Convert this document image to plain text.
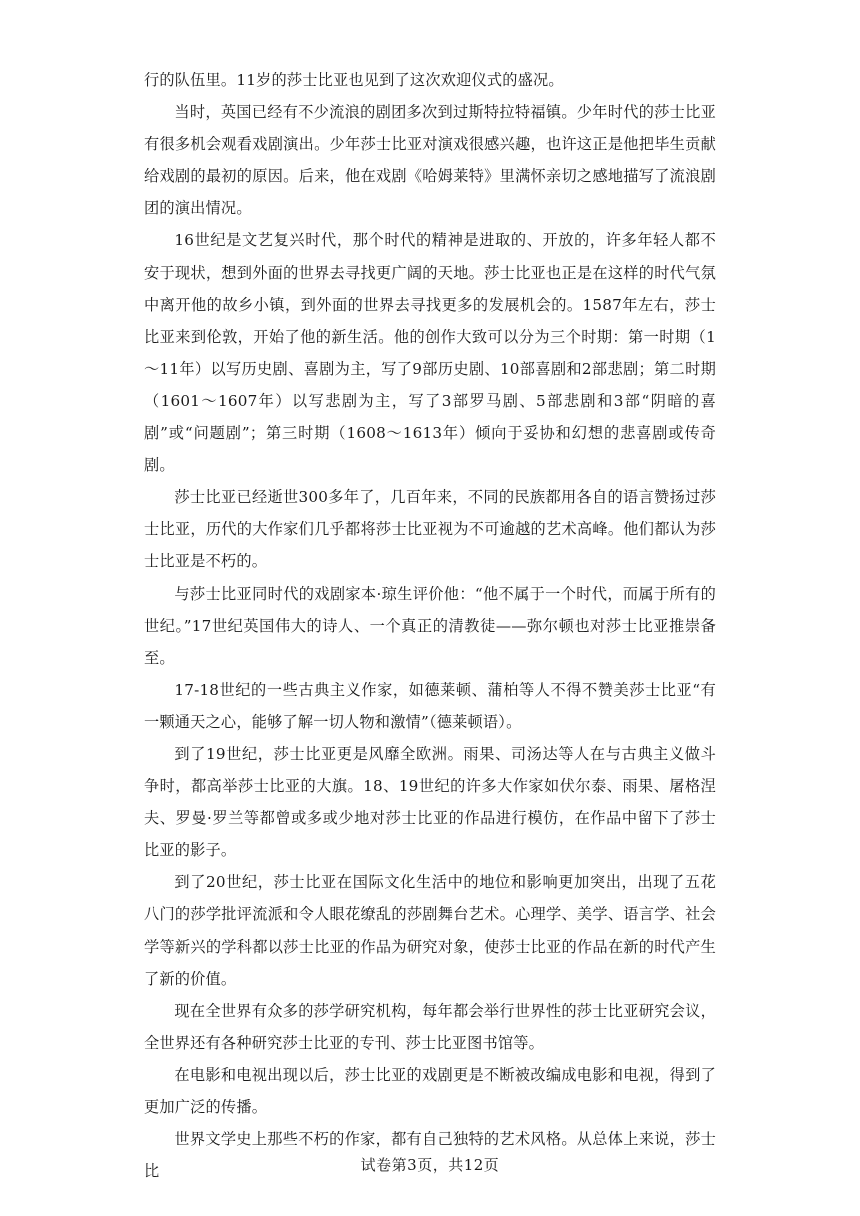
行的队伍里。11岁的莎士比亚也见到了这次欢迎仪式的盛况。

当时，英国已经有不少流浪的剧团多次到过斯特拉特福镇。少年时代的莎士比亚有很多机会观看戏剧演出。少年莎士比亚对演戏很感兴趣，也许这正是他把毕生贡献给戏剧的最初的原因。后来，他在戏剧《哈姆莱特》里满怀亲切之感地描写了流浪剧团的演出情况。

16世纪是文艺复兴时代，那个时代的精神是进取的、开放的，许多年轻人都不安于现状，想到外面的世界去寻找更广阔的天地。莎士比亚也正是在这样的时代气氛中离开他的故乡小镇，到外面的世界去寻找更多的发展机会的。1587年左右，莎士比亚来到伦敦，开始了他的新生活。他的创作大致可以分为三个时期：第一时期（1～11年）以写历史剧、喜剧为主，写了9部历史剧、10部喜剧和2部悲剧；第二时期（1601～1607年）以写悲剧为主，写了3部罗马剧、5部悲剧和3部“阴暗的喜剧”或“问题剧”；第三时期（1608～1613年）倾向于妥协和幻想的悲喜剧或传奇剧。

莎士比亚已经逝世300多年了，几百年来，不同的民族都用各自的语言赞扬过莎士比亚，历代的大作家们几乎都将莎士比亚视为不可逾越的艺术高峰。他们都认为莎士比亚是不朽的。

与莎士比亚同时代的戏剧家本·琼生评价他：“他不属于一个时代，而属于所有的世纪。”17世纪英国伟大的诗人、一个真正的清教徒——弥尔顿也对莎士比亚推崇备至。

17-18世纪的一些古典主义作家，如德莱顿、蒲柏等人不得不赞美莎士比亚“有一颗通天之心，能够了解一切人物和激情”（德莱顿语）。

到了19世纪，莎士比亚更是风靡全欧洲。雨果、司汤达等人在与古典主义做斗争时，都高举莎士比亚的大旗。18、19世纪的许多大作家如伏尔泰、雨果、屠格涅夫、罗曼·罗兰等都曾或多或少地对莎士比亚的作品进行模仿，在作品中留下了莎士比亚的影子。

到了20世纪，莎士比亚在国际文化生活中的地位和影响更加突出，出现了五花八门的莎学批评流派和令人眼花缭乱的莎剧舞台艺术。心理学、美学、语言学、社会学等新兴的学科都以莎士比亚的作品为研究对象，使莎士比亚的作品在新的时代产生了新的价值。

现在全世界有众多的莎学研究机构，每年都会举行世界性的莎士比亚研究会议，全世界还有各种研究莎士比亚的专刊、莎士比亚图书馆等。

在电影和电视出现以后，莎士比亚的戏剧更是不断被改编成电影和电视，得到了更加广泛的传播。

世界文学史上那些不朽的作家，都有自己独特的艺术风格。从总体上来说，莎士比	试卷第3页，共12页
